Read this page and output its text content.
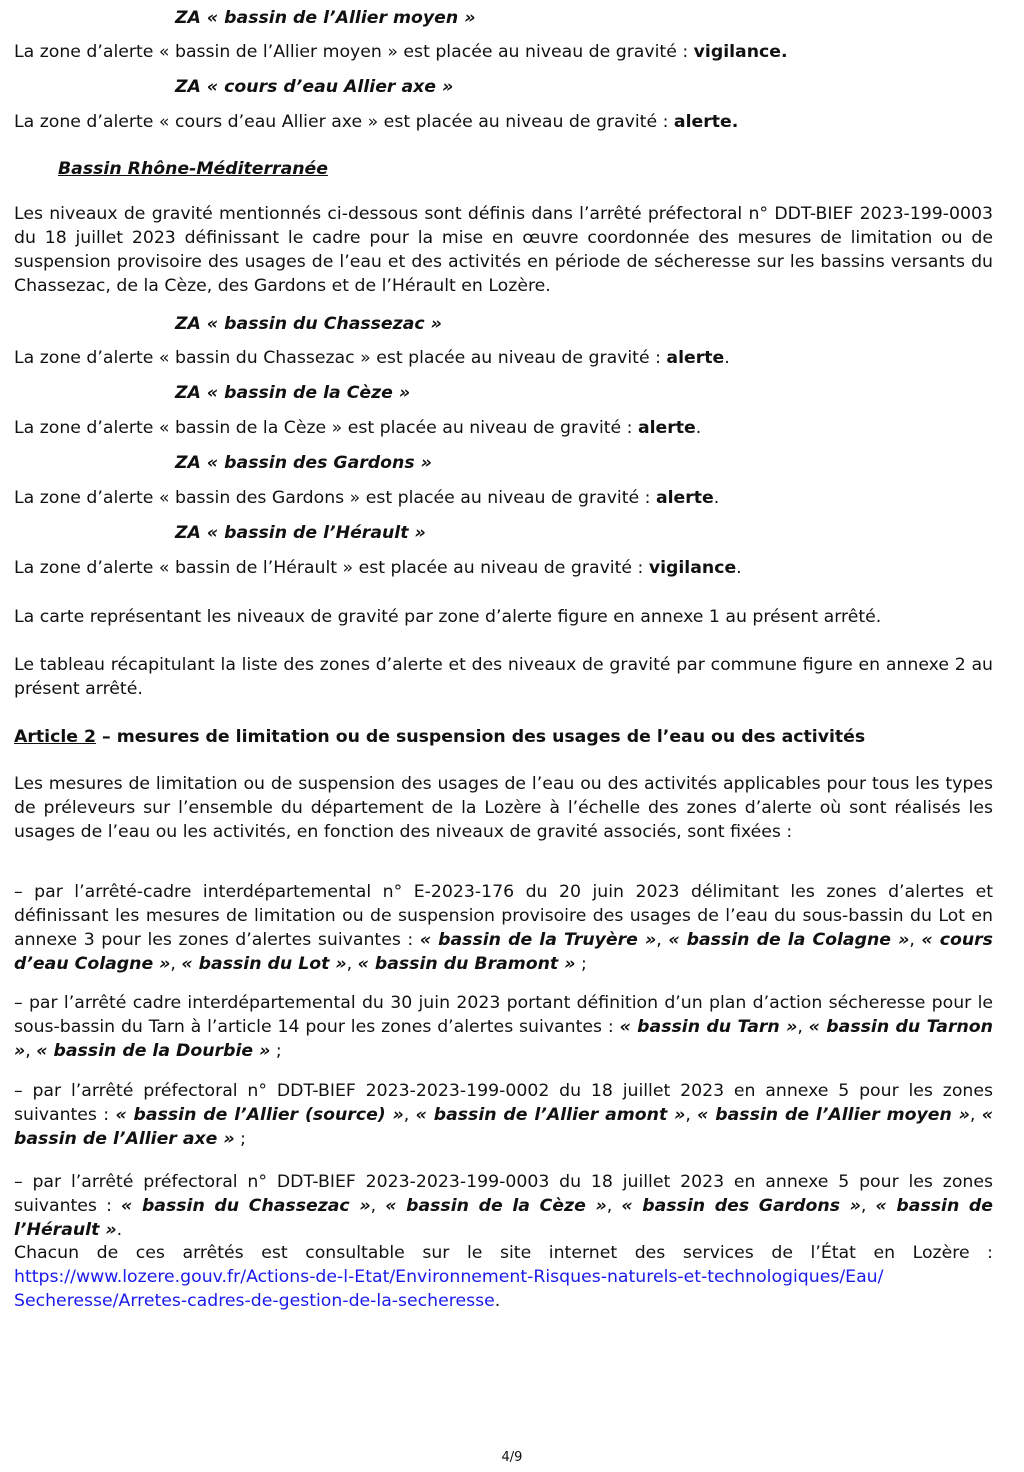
ZA « bassin de l’Allier moyen »

La zone d’alerte « bassin de l’Allier moyen » est placée au niveau de gravité : vigilance.

ZA « cours d’eau Allier axe »

La zone d’alerte « cours d’eau Allier axe » est placée au niveau de gravité : alerte.

Bassin Rhône-Méditerranée

Les niveaux de gravité mentionnés ci-dessous sont définis dans l’arrêté préfectoral n° DDT-BIEF 2023-199-0003 du 18 juillet 2023 définissant le cadre pour la mise en œuvre coordonnée des mesures de limitation ou de suspension provisoire des usages de l’eau et des activités en période de sécheresse sur les bassins versants du Chassezac, de la Cèze, des Gardons et de l’Hérault en Lozère.

ZA « bassin du Chassezac »

La zone d’alerte « bassin du Chassezac » est placée au niveau de gravité : alerte.

ZA « bassin de la Cèze »

La zone d’alerte « bassin de la Cèze » est placée au niveau de gravité : alerte.

ZA « bassin des Gardons »

La zone d’alerte « bassin des Gardons » est placée au niveau de gravité : alerte.

ZA « bassin de l’Hérault »

La zone d’alerte « bassin de l’Hérault » est placée au niveau de gravité : vigilance.

La carte représentant les niveaux de gravité par zone d’alerte figure en annexe 1 au présent arrêté.

Le tableau récapitulant la liste des zones d’alerte et des niveaux de gravité par commune figure en annexe 2 au présent arrêté.

Article 2 – mesures de limitation ou de suspension des usages de l’eau ou des activités

Les mesures de limitation ou de suspension des usages de l’eau ou des activités applicables pour tous les types de préleveurs sur l’ensemble du département de la Lozère à l’échelle des zones d’alerte où sont réalisés les usages de l’eau ou les activités, en fonction des niveaux de gravité associés, sont fixées :

– par l’arrêté-cadre interdépartemental n° E-2023-176 du 20 juin 2023 délimitant les zones d’alertes et définissant les mesures de limitation ou de suspension provisoire des usages de l’eau du sous-bassin du Lot en annexe 3 pour les zones d’alertes suivantes : « bassin de la Truyère », « bassin de la Colagne », « cours d’eau Colagne », « bassin du Lot », « bassin du Bramont » ;

– par l’arrêté cadre interdépartemental du 30 juin 2023 portant définition d’un plan d’action sécheresse pour le sous-bassin du Tarn à l’article 14 pour les zones d’alertes suivantes : « bassin du Tarn », « bassin du Tarnon », « bassin de la Dourbie » ;

– par l’arrêté préfectoral n° DDT-BIEF 2023-2023-199-0002 du 18 juillet 2023 en annexe 5 pour les zones suivantes : « bassin de l’Allier (source) », « bassin de l’Allier amont », « bassin de l’Allier moyen », « bassin de l’Allier axe » ;

– par l’arrêté préfectoral n° DDT-BIEF 2023-2023-199-0003 du 18 juillet 2023 en annexe 5 pour les zones suivantes : « bassin du Chassezac », « bassin de la Cèze », « bassin des Gardons », « bassin de l’Hérault ».

Chacun de ces arrêtés est consultable sur le site internet des services de l’État en Lozère :
https://www.lozere.gouv.fr/Actions-de-l-Etat/Environnement-Risques-naturels-et-technologiques/Eau/
Secheresse/Arretes-cadres-de-gestion-de-la-secheresse.
4/9
